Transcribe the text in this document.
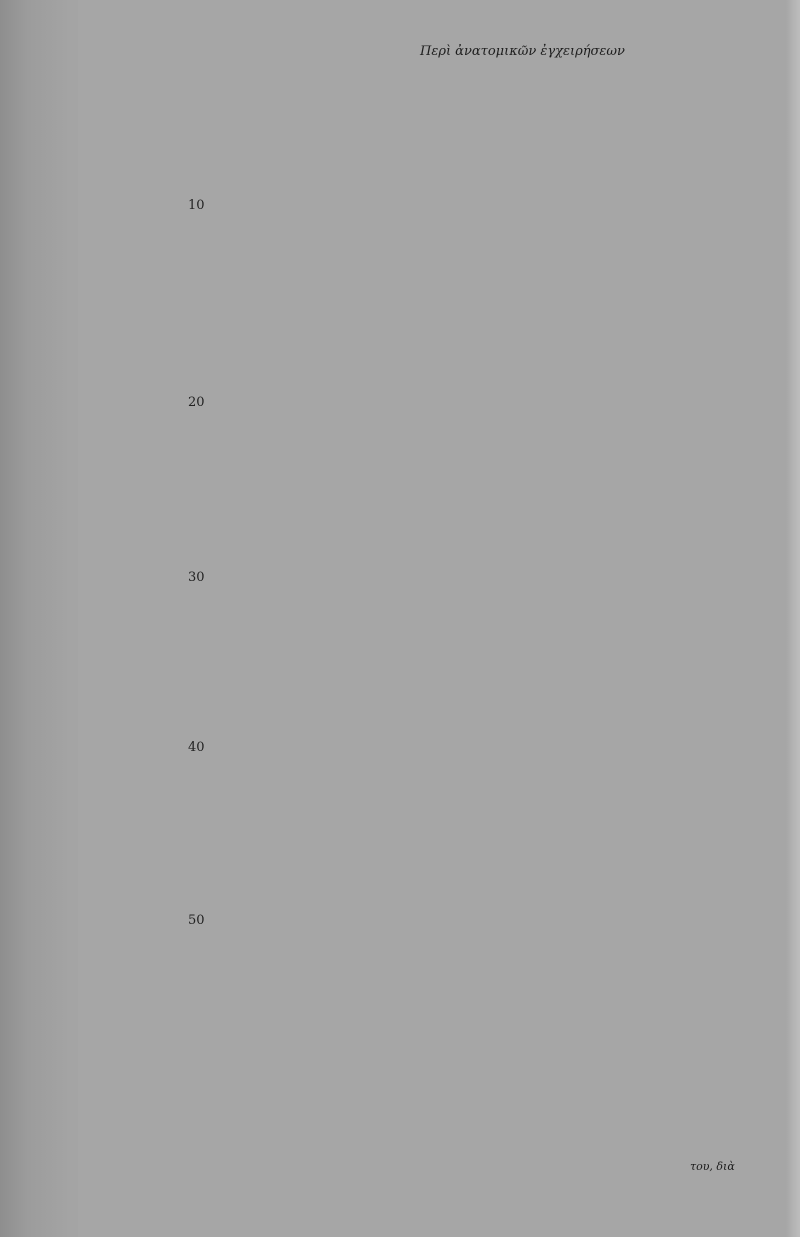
Περὶ ἀνατομικῶν ἐγχειρήσεων
10
20
30
40
50
του, διὰ
